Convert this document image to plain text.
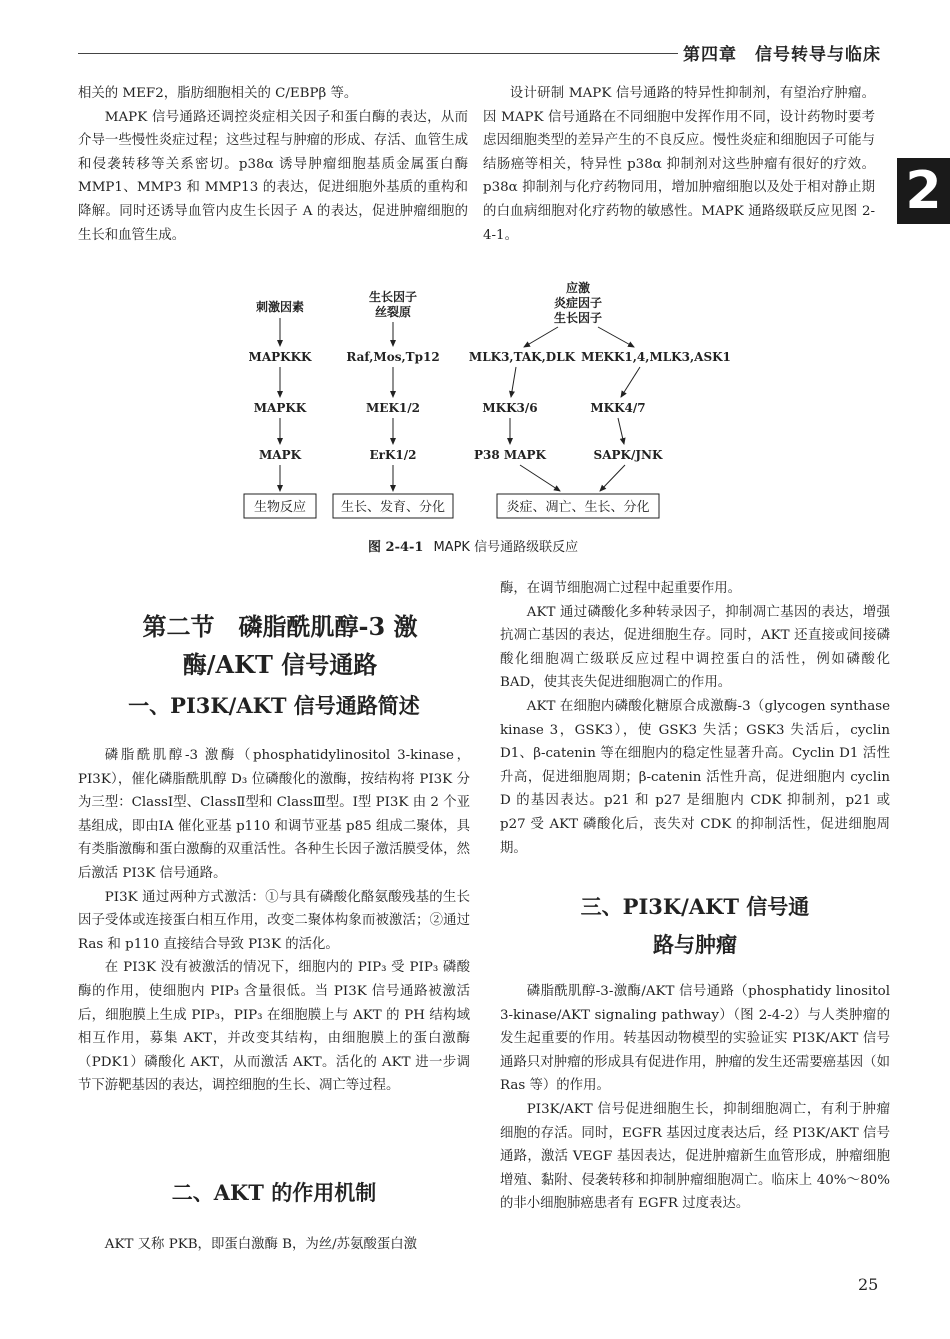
第四章　信号转导与临床
2

相关的 MEF2，脂肪细胞相关的 C/EBPβ 等。

MAPK 信号通路还调控炎症相关因子和蛋白酶的表达，从而介导一些慢性炎症过程；这些过程与肿瘤的形成、存活、血管生成和侵袭转移等关系密切。p38α 诱导肿瘤细胞基质金属蛋白酶 MMP1、MMP3 和 MMP13 的表达，促进细胞外基质的重构和降解。同时还诱导血管内皮生长因子 A 的表达，促进肿瘤细胞的生长和血管生成。

设计研制 MAPK 信号通路的特异性抑制剂，有望治疗肿瘤。因 MAPK 信号通路在不同细胞中发挥作用不同，设计药物时要考虑因细胞类型的差异产生的不良反应。慢性炎症和细胞因子可能与结肠癌等相关，特异性 p38α 抑制剂对这些肿瘤有很好的疗效。p38α 抑制剂与化疗药物同用，增加肿瘤细胞以及处于相对静止期的白血病细胞对化疗药物的敏感性。MAPK 通路级联反应见图 2-4-1。

刺激因素
MAPKKK
MAPKK
MAPK
生长因子
丝裂原
Raf,Mos,Tp12
MEK1/2
ErK1/2
应激
炎症因子
生长因子
MLK3,TAK,DLK MEKK1,4,MLK3,ASK1
MKK3/6	MKK4/7
P38 MAPK	SAPK/JNK
生物反应	生长、发育、分化	炎症、凋亡、生长、分化
图 2-4-1 MAPK 信号通路级联反应
第二节　磷脂酰肌醇-3 激
酶/AKT 信号通路
一、PI3K/AKT 信号通路简述

磷脂酰肌醇-3 激酶（phosphatidylinositol 3-kinase，PI3K），催化磷脂酰肌醇 D₃ 位磷酸化的激酶，按结构将 PI3K 分为三型：ClassⅠ型、ClassⅡ型和 ClassⅢ型。Ⅰ型 PI3K 由 2 个亚基组成，即由ⅠA 催化亚基 p110 和调节亚基 p85 组成二聚体，具有类脂激酶和蛋白激酶的双重活性。各种生长因子激活膜受体，然后激活 PI3K 信号通路。

PI3K 通过两种方式激活：①与具有磷酸化酪氨酸残基的生长因子受体或连接蛋白相互作用，改变二聚体构象而被激活；②通过 Ras 和 p110 直接结合导致 PI3K 的活化。

在 PI3K 没有被激活的情况下，细胞内的 PIP₃ 受 PIP₃ 磷酸酶的作用，使细胞内 PIP₃ 含量很低。当 PI3K 信号通路被激活后，细胞膜上生成 PIP₃，PIP₃ 在细胞膜上与 AKT 的 PH 结构域相互作用，募集 AKT，并改变其结构，由细胞膜上的蛋白激酶（PDK1）磷酸化 AKT，从而激活 AKT。活化的 AKT 进一步调节下游靶基因的表达，调控细胞的生长、凋亡等过程。

二、AKT 的作用机制

AKT 又称 PKB，即蛋白激酶 B，为丝/苏氨酸蛋白激

酶，在调节细胞凋亡过程中起重要作用。

AKT 通过磷酸化多种转录因子，抑制凋亡基因的表达，增强抗凋亡基因的表达，促进细胞生存。同时，AKT 还直接或间接磷酸化细胞凋亡级联反应过程中调控蛋白的活性，例如磷酸化 BAD，使其丧失促进细胞凋亡的作用。

AKT 在细胞内磷酸化糖原合成激酶-3（glycogen synthase kinase 3，GSK3），使 GSK3 失活；GSK3 失活后，cyclin D1、β-catenin 等在细胞内的稳定性显著升高。Cyclin D1 活性升高，促进细胞周期；β-catenin 活性升高，促进细胞内 cyclin D 的基因表达。p21 和 p27 是细胞内 CDK 抑制剂，p21 或 p27 受 AKT 磷酸化后，丧失对 CDK 的抑制活性，促进细胞周期。

三、PI3K/AKT 信号通
路与肿瘤

磷脂酰肌醇-3-激酶/AKT 信号通路（phosphatidy linositol 3-kinase/AKT signaling pathway）（图 2-4-2）与人类肿瘤的发生起重要的作用。转基因动物模型的实验证实 PI3K/AKT 信号通路只对肿瘤的形成具有促进作用，肿瘤的发生还需要癌基因（如 Ras 等）的作用。

PI3K/AKT 信号促进细胞生长，抑制细胞凋亡，有利于肿瘤细胞的存活。同时，EGFR 基因过度表达后，经 PI3K/AKT 信号通路，激活 VEGF 基因表达，促进肿瘤新生血管形成，肿瘤细胞增殖、黏附、侵袭转移和抑制肿瘤细胞凋亡。临床上 40%～80% 的非小细胞肺癌患者有 EGFR 过度表达。

25
